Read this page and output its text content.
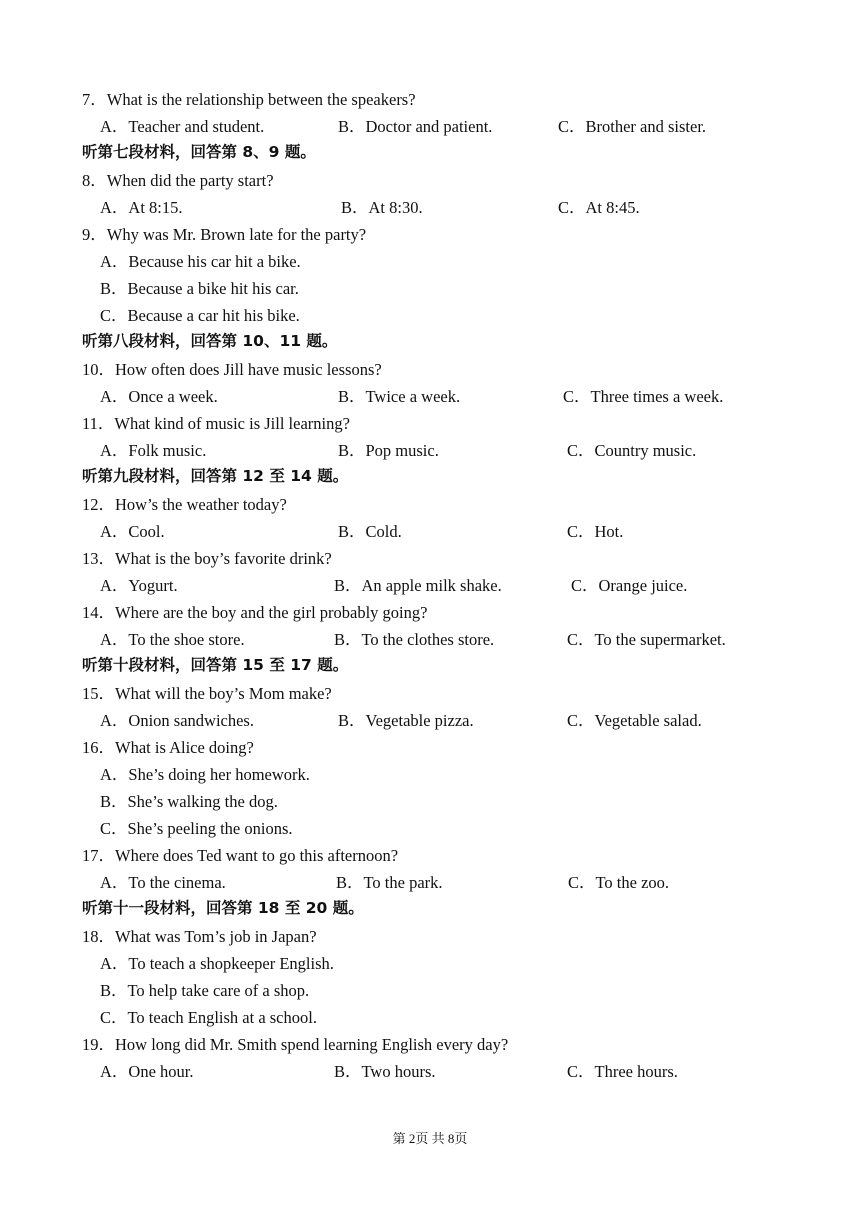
7．What is the relationship between the speakers?
A．Teacher and student.	B．Doctor and patient.	C．Brother and sister.
听第七段材料，回答第 8、9 题。
8．When did the party start?
A．At 8:15.	B．At 8:30.	C．At 8:45.
9．Why was Mr. Brown late for the party?
A．Because his car hit a bike.
B．Because a bike hit his car.
C．Because a car hit his bike.
听第八段材料，回答第 10、11 题。
10．How often does Jill have music lessons?
A．Once a week.	B．Twice a week.	C．Three times a week.
11．What kind of music is Jill learning?
A．Folk music.	B．Pop music.	C．Country music.
听第九段材料，回答第 12 至 14 题。
12．How’s the weather today?
A．Cool.	B．Cold.	C．Hot.
13．What is the boy’s favorite drink?
A．Yogurt.	B．An apple milk shake.	C．Orange juice.
14．Where are the boy and the girl probably going?
A．To the shoe store.	B．To the clothes store.	C．To the supermarket.
听第十段材料，回答第 15 至 17 题。
15．What will the boy’s Mom make?
A．Onion sandwiches.	B．Vegetable pizza.	C．Vegetable salad.
16．What is Alice doing?
A．She’s doing her homework.
B．She’s walking the dog.
C．She’s peeling the onions.
17．Where does Ted want to go this afternoon?
A．To the cinema.	B．To the park.	C．To the zoo.
听第十一段材料，回答第 18 至 20 题。
18．What was Tom’s job in Japan?
A．To teach a shopkeeper English.
B．To help take care of a shop.
C．To teach English at a school.
19．How long did Mr. Smith spend learning English every day?
A．One hour.	B．Two hours.	C．Three hours.
第 2页 共 8页
